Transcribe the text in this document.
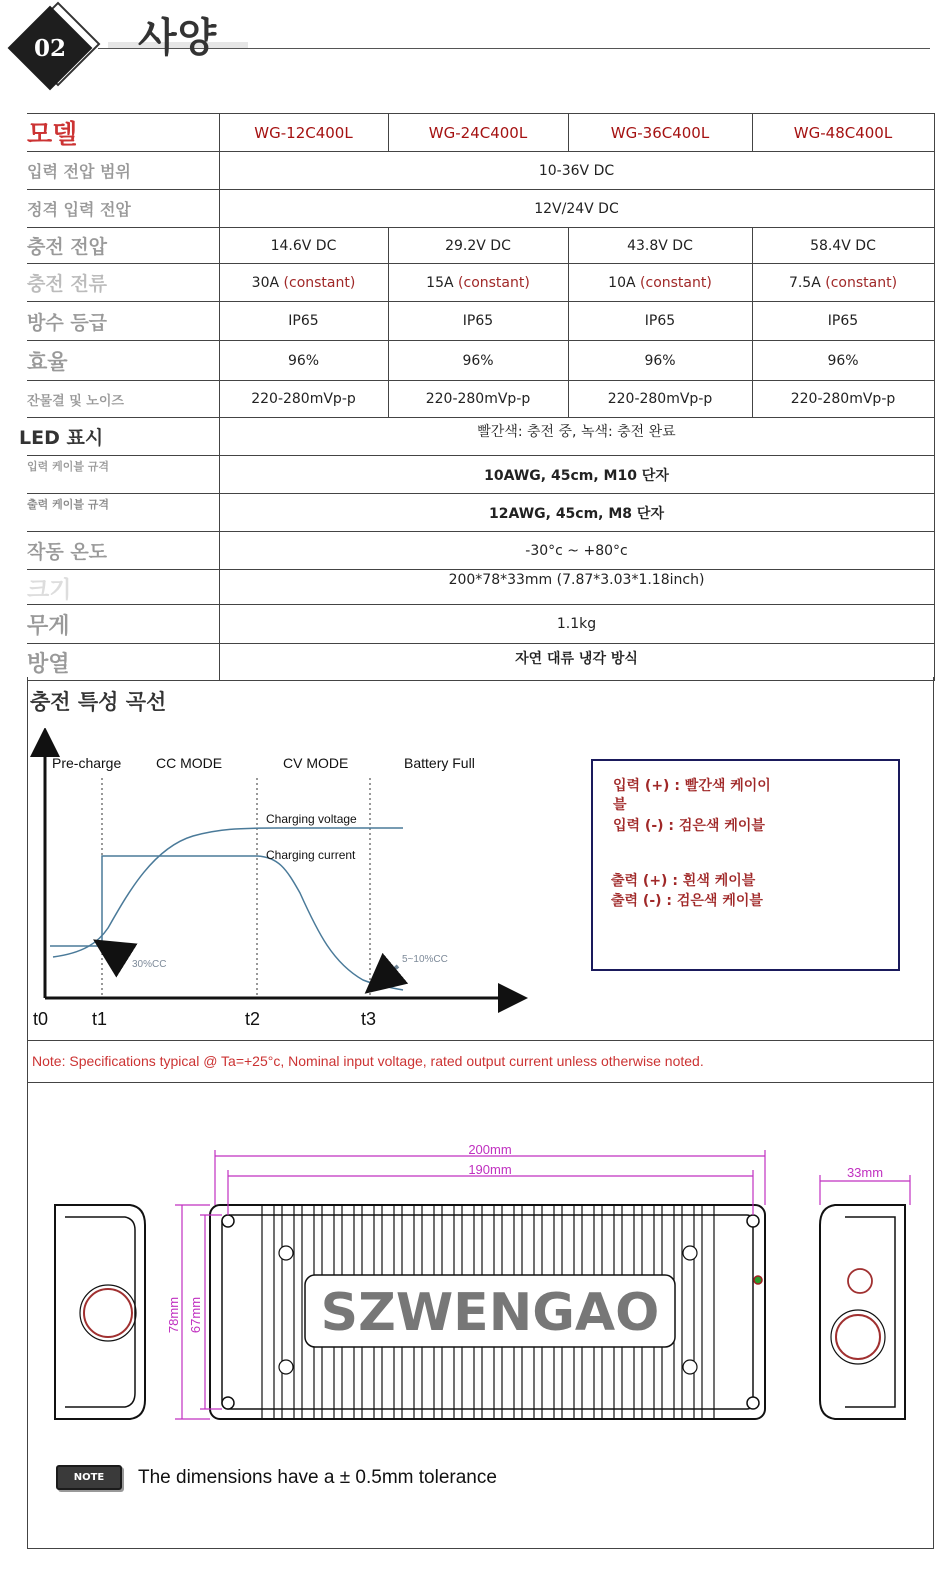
02	사양
모델	WG-12C400L	WG-24C400L	WG-36C400L	WG-48C400L
입력 전압 범위	10-36V DC			
정격 입력 전압	12V/24V DC			
충전 전압	14.6V DC	29.2V DC	43.8V DC	58.4V DC
충전 전류	30A (constant)	15A (constant)	10A (constant)	7.5A (constant)
방수 등급	IP65	IP65	IP65	IP65
효율	96%	96%	96%	96%
잔물결 및 노이즈	220-280mVp-p	220-280mVp-p	220-280mVp-p	220-280mVp-p
LED 표시	빨간색: 충전 중, 녹색: 충전 완료			
입력 케이블 규격	10AWG, 45cm, M10 단자			
출력 케이블 규격	12AWG, 45cm, M8 단자			
작동 온도	-30°c ~ +80°c			
크기	200*78*33mm (7.87*3.03*1.18inch)			
무게	1.1kg			
방열	자연 대류 냉각 방식			
충전 특성 곡선
Pre-charge CC MODE	CV MODE	Battery Full
Charging voltage
Charging current
30%CC	5~10%CC
t0 t1	t2	t3
입력 (+) : 빨간색 케이이
블
입력 (-) : 검은색 케이블
출력 (+) : 흰색 케이블
출력 (-) : 검은색 케이블
Note: Specifications typical @ Ta=+25°c, Nominal input voltage, rated output current unless otherwise noted.
SZWENGAO
200mm
190mm	33mm
78mm 67mm
NOTE	The dimensions have a ± 0.5mm tolerance
